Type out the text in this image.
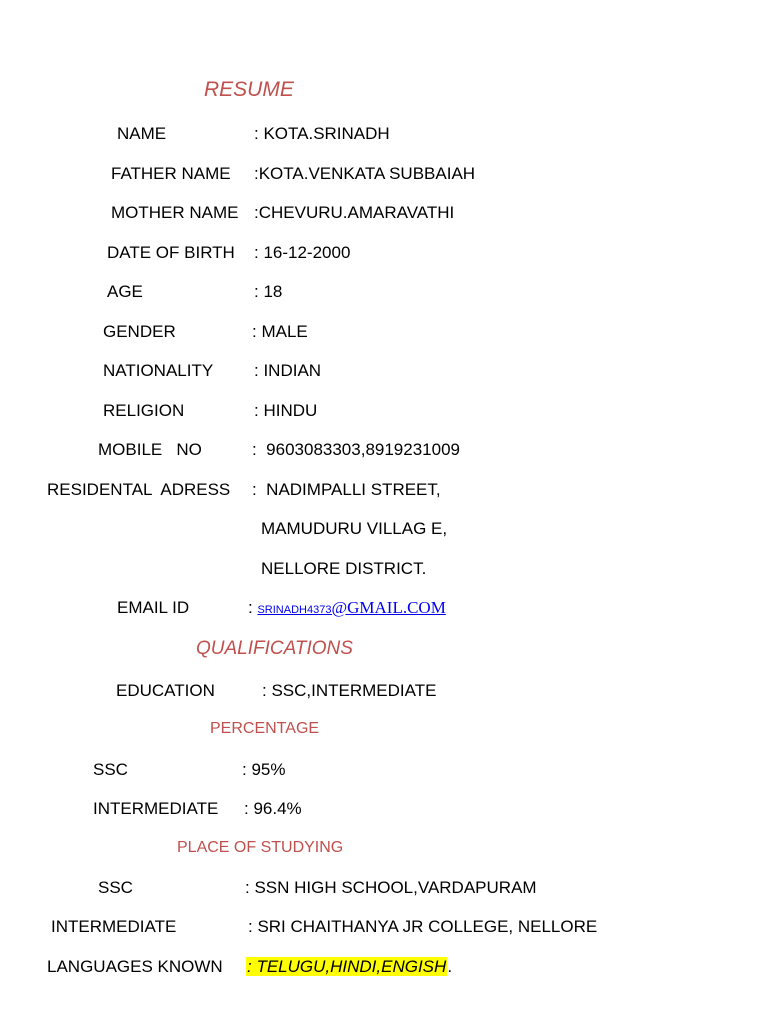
RESUME
NAME	: KOTA.SRINADH
FATHER NAME :KOTA.VENKATA SUBBAIAH
MOTHER NAME :CHEVURU.AMARAVATHI
DATE OF BIRTH : 16-12-2000
AGE	: 18
GENDER	: MALE
NATIONALITY : INDIAN
RELIGION	: HINDU
MOBILE   NO	:  9603083303,8919231009
RESIDENTAL  ADRESS :  NADIMPALLI STREET,
MAMUDURU VILLAG E,
NELLORE DISTRICT.
EMAIL ID	: SRINADH4373@GMAIL.COM
QUALIFICATIONS
EDUCATION	: SSC,INTERMEDIATE
PERCENTAGE
SSC	: 95%
INTERMEDIATE : 96.4%
PLACE OF STUDYING
SSC	: SSN HIGH SCHOOL,VARDAPURAM
INTERMEDIATE	: SRI CHAITHANYA JR COLLEGE, NELLORE
LANGUAGES KNOWN : TELUGU,HINDI,ENGISH.
